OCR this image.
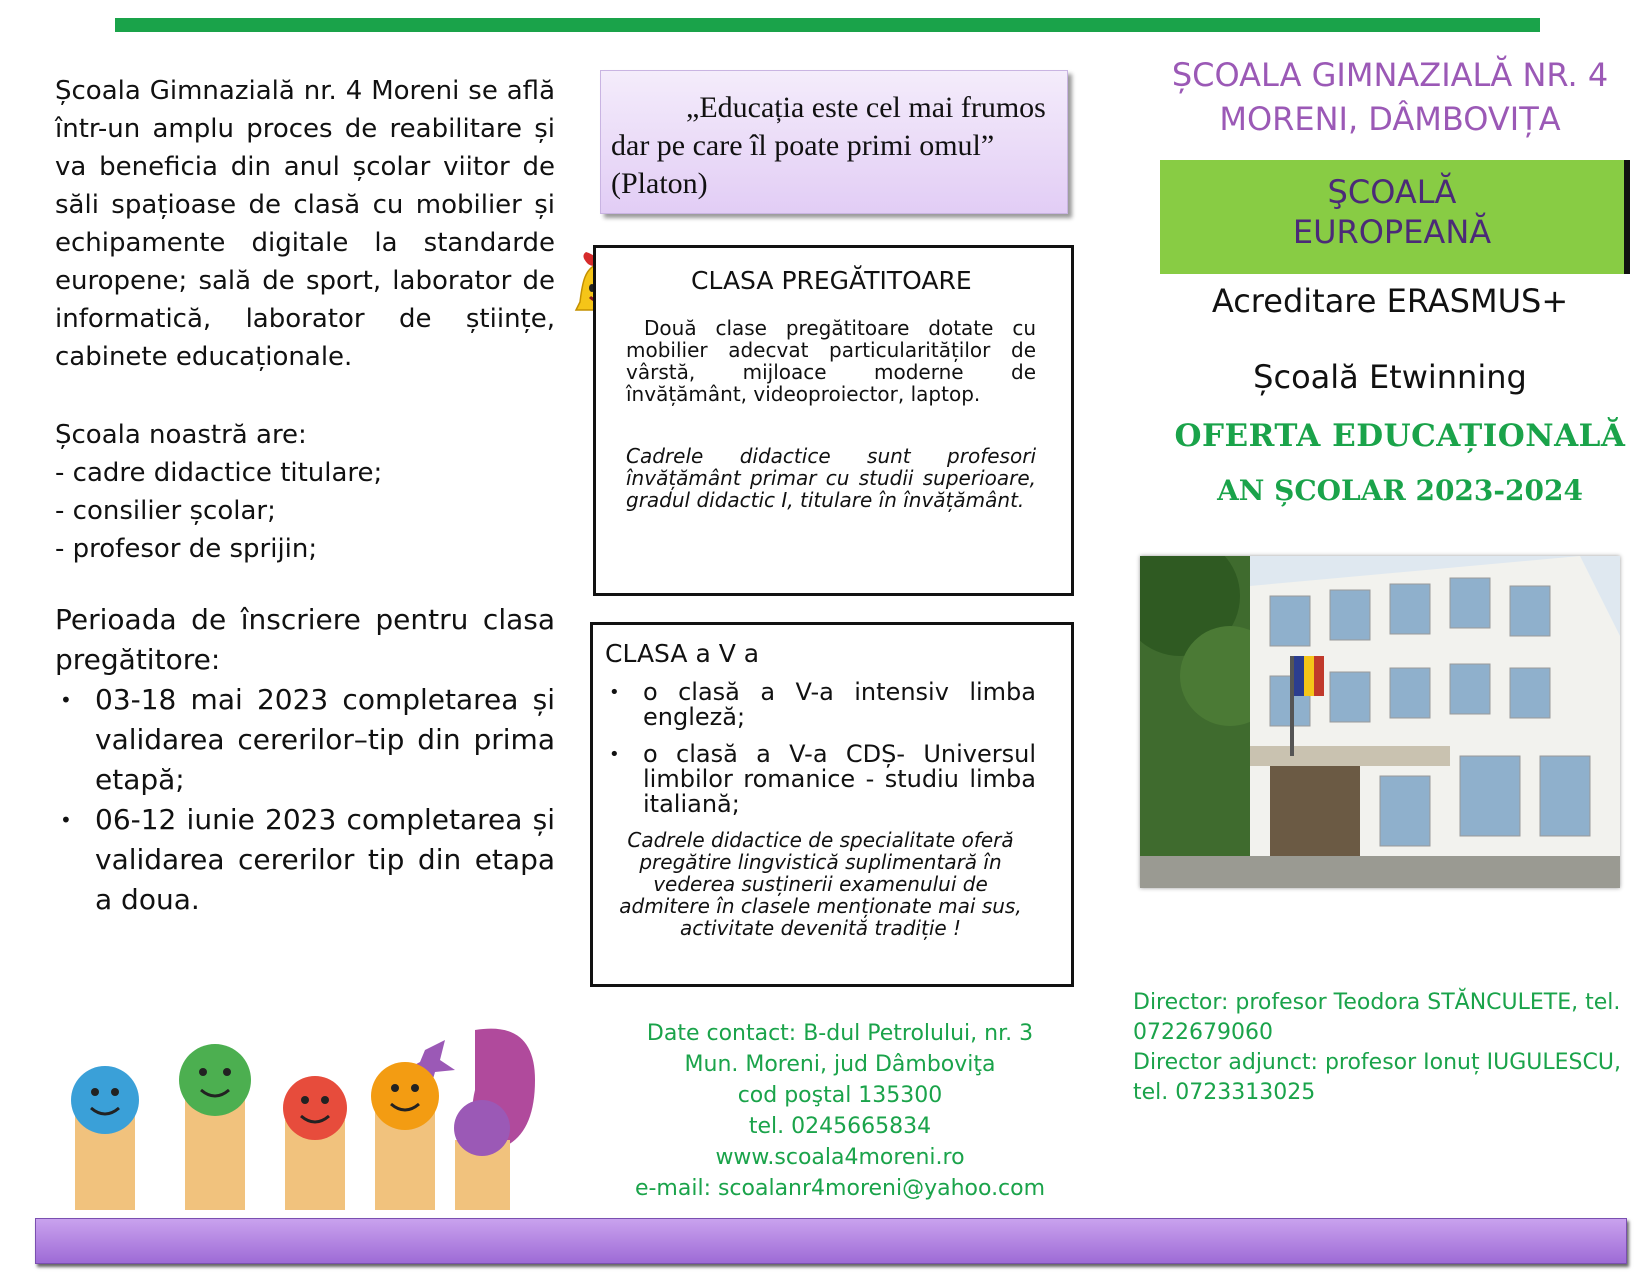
Școala Gimnazială nr. 4 Moreni se află într-un amplu proces de reabilitare și va beneficia din anul școlar viitor de săli spațioase de clasă cu mobilier și echipamente digitale la standarde europene; sală de sport, laborator de informatică, laborator de științe, cabinete educaționale.
Școala noastră are:
- cadre didactice titulare;
- consilier școlar;
- profesor de sprijin;
Perioada de înscriere pentru clasa pregătitore:
• 03-18 mai 2023 completarea și validarea cererilor–tip din prima etapă;
• 06-12 iunie 2023 completarea și validarea cererilor tip din etapa a doua.

„Educația este cel mai frumos dar pe care îl poate primi omul” (Platon)

CLASA PREGĂTITOARE

Două clase pregătitoare dotate cu mobilier adecvat particularităților de vârstă, mijloace moderne de învățământ, videoproiector, laptop.

Cadrele didactice sunt profesori învățământ primar cu studii superioare, gradul didactic I, titulare în învățământ.

CLASA a V a
• o clasă a V-a intensiv limba engleză;
• o clasă a V-a CDȘ- Universul limbilor romanice - studiu limba italiană;

Cadrele didactice de specialitate oferă pregătire lingvistică suplimentară în vederea susținerii examenului de admitere în clasele menționate mai sus, activitate devenită tradiție !

ȘCOALA GIMNAZIALĂ NR. 4
MORENI, DÂMBOVIȚA
ŞCOALĂ
EUROPEANĂ
Acreditare ERASMUS+
Școală Etwinning
OFERTA EDUCAȚIONALĂ
AN ȘCOLAR 2023-2024
Date contact: B-dul Petrolului, nr. 3
Mun. Moreni, jud Dâmboviţa
cod poştal 135300
tel. 0245665834
www.scoala4moreni.ro
e-mail: scoalanr4moreni@yahoo.com
Director: profesor Teodora STĂNCULETE, tel. 0722679060
Director adjunct: profesor Ionuț IUGULESCU, tel. 0723313025
